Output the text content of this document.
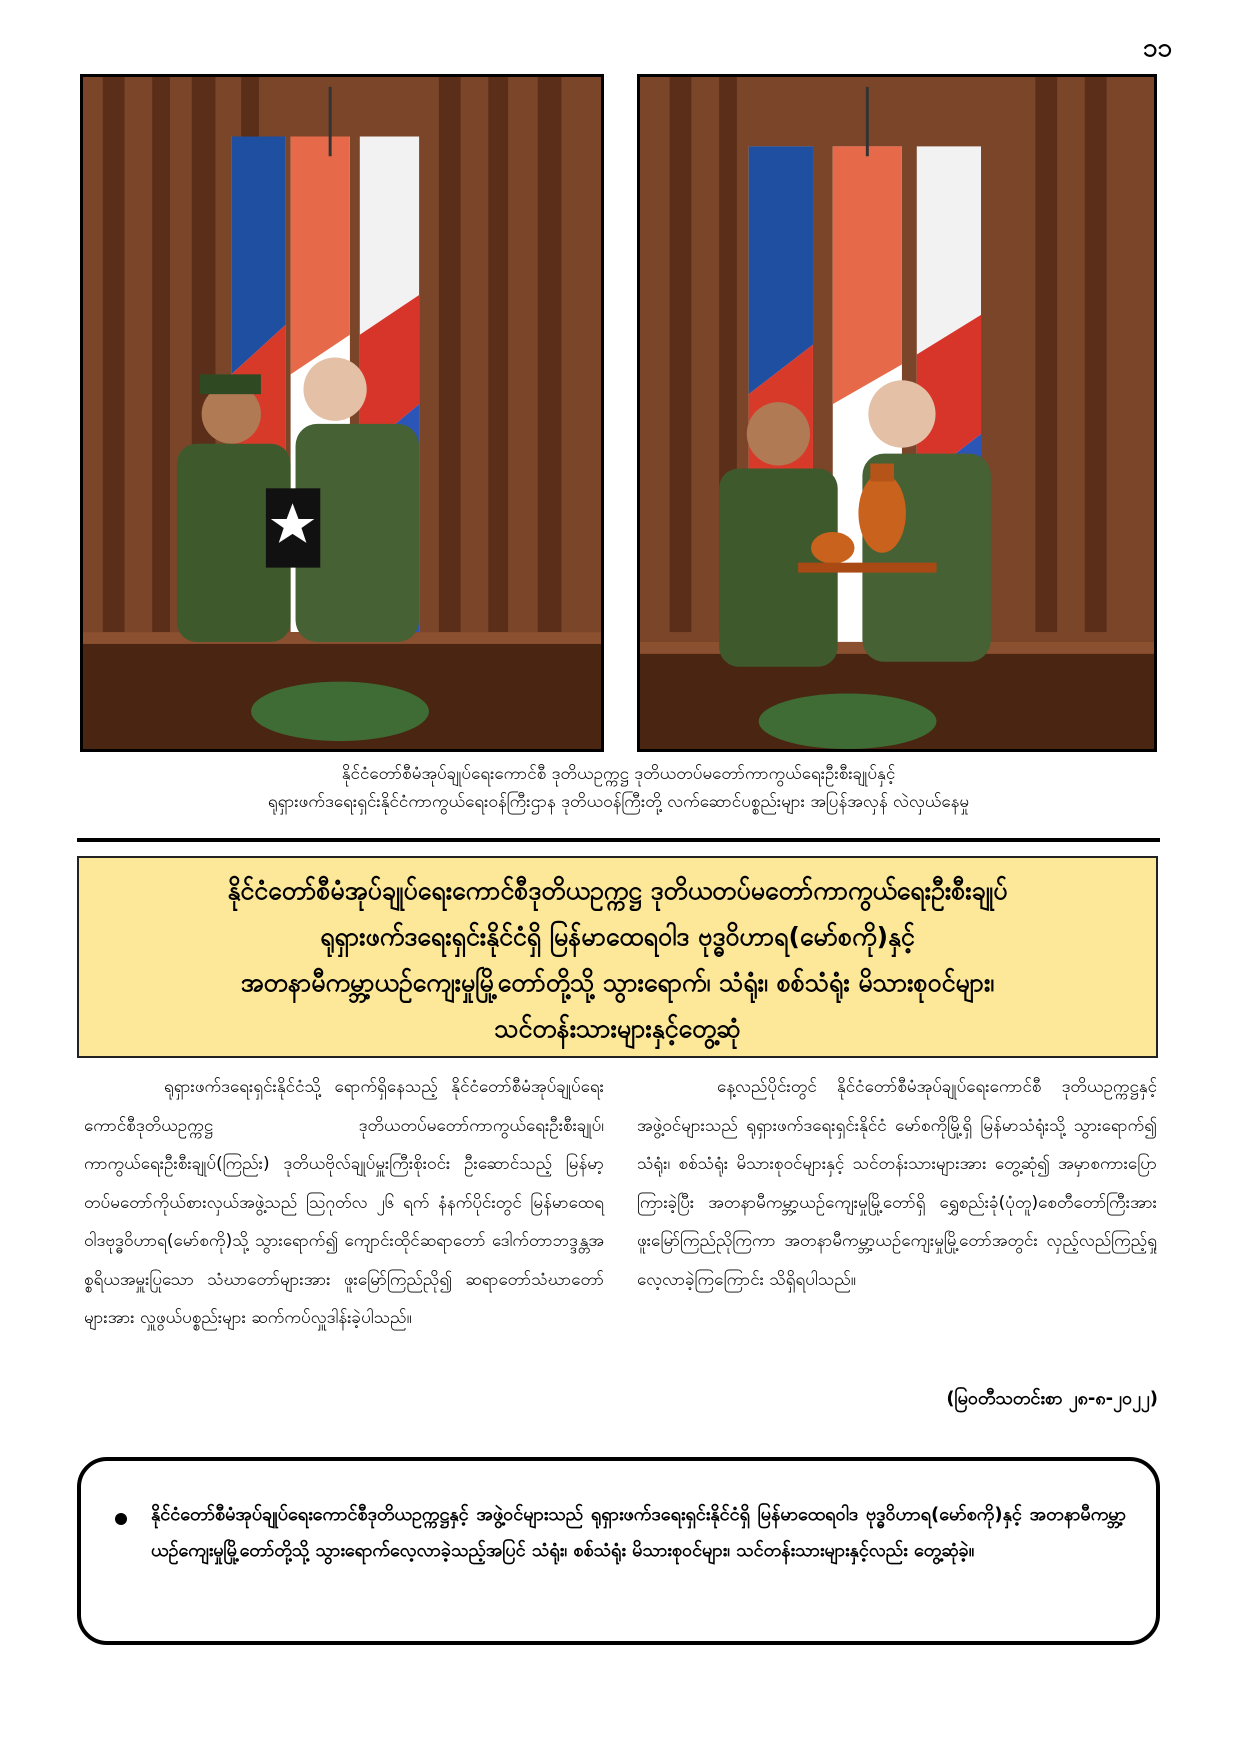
၁၁
နိုင်ငံတော်စီမံအုပ်ချုပ်ရေးကောင်စီ ဒုတိယဥက္ကဋ္ဌ ဒုတိယတပ်မတော်ကာကွယ်ရေးဦးစီးချုပ်နှင့်
ရုရှားဖက်ဒရေးရှင်းနိုင်ငံကာကွယ်ရေးဝန်ကြီးဌာန ဒုတိယဝန်ကြီးတို့ လက်ဆောင်ပစ္စည်းများ အပြန်အလှန် လဲလှယ်နေမှု
နိုင်ငံတော်စီမံအုပ်ချုပ်ရေးကောင်စီဒုတိယဥက္ကဋ္ဌ ဒုတိယတပ်မတော်ကာကွယ်ရေးဦးစီးချုပ်
ရုရှားဖက်ဒရေးရှင်းနိုင်ငံရှိ မြန်မာထေရဝါဒ ဗုဒ္ဓဝိဟာရ(မော်စကို)နှင့်
အတနာမီကမ္ဘာ့ယဉ်ကျေးမှုမြို့တော်တို့သို့ သွားရောက်၊ သံရုံး၊ စစ်သံရုံး မိသားစုဝင်များ၊
သင်တန်းသားများနှင့်တွေ့ဆုံ

ရုရှားဖက်ဒရေးရှင်းနိုင်ငံသို့ ရောက်ရှိနေသည့် နိုင်ငံတော်စီမံအုပ်ချုပ်ရေးကောင်စီဒုတိယဥက္ကဋ္ဌ ဒုတိယတပ်မတော်ကာကွယ်ရေးဦးစီးချုပ်၊ ကာကွယ်ရေးဦးစီးချုပ်(ကြည်း) ဒုတိယဗိုလ်ချုပ်မှူးကြီးစိုးဝင်း ဦးဆောင်သည့် မြန်မာ့တပ်မတော်ကိုယ်စားလှယ်အဖွဲ့သည် ဩဂုတ်လ ၂၆ ရက် နံနက်ပိုင်းတွင် မြန်မာထေရဝါဒဗုဒ္ဓဝိဟာရ(မော်စကို)သို့ သွားရောက်၍ ကျောင်းထိုင်ဆရာတော် ဒေါက်တာဘဒ္ဒန္တအစ္စရိယအမှူးပြုသော သံဃာတော်များအား ဖူးမြော်ကြည်ညို၍ ဆရာတော်သံဃာတော်များအား လှူဖွယ်ပစ္စည်းများ ဆက်ကပ်လှူဒါန်းခဲ့ပါသည်။

နေ့လည်ပိုင်းတွင် နိုင်ငံတော်စီမံအုပ်ချုပ်ရေးကောင်စီ ဒုတိယဥက္ကဋ္ဌနှင့် အဖွဲ့ဝင်များသည် ရုရှားဖက်ဒရေးရှင်းနိုင်ငံ မော်စကိုမြို့ရှိ မြန်မာသံရုံးသို့ သွားရောက်၍ သံရုံး၊ စစ်သံရုံး မိသားစုဝင်များနှင့် သင်တန်းသားများအား တွေ့ဆုံ၍ အမှာစကားပြောကြားခဲ့ပြီး အတနာမီကမ္ဘာ့ယဉ်ကျေးမှုမြို့တော်ရှိ ရွှေစည်းခုံ(ပုံတူ)စေတီတော်ကြီးအား ဖူးမြော်ကြည်ညိုကြကာ အတနာမီကမ္ဘာ့ယဉ်ကျေးမှုမြို့တော်အတွင်း လှည့်လည်ကြည့်ရှုလေ့လာခဲ့ကြကြောင်း သိရှိရပါသည်။

(မြဝတီသတင်းစာ ၂၈-၈-၂၀၂၂)
နိုင်ငံတော်စီမံအုပ်ချုပ်ရေးကောင်စီဒုတိယဥက္ကဋ္ဌနှင့် အဖွဲ့ဝင်များသည် ရုရှားဖက်ဒရေးရှင်းနိုင်ငံရှိ မြန်မာထေရဝါဒ ဗုဒ္ဓဝိဟာရ(မော်စကို)နှင့် အတနာမီကမ္ဘာ့ယဉ်ကျေးမှုမြို့တော်တို့သို့ သွားရောက်လေ့လာခဲ့သည့်အပြင် သံရုံး၊ စစ်သံရုံး မိသားစုဝင်များ၊ သင်တန်းသားများနှင့်လည်း တွေ့ဆုံခဲ့။
